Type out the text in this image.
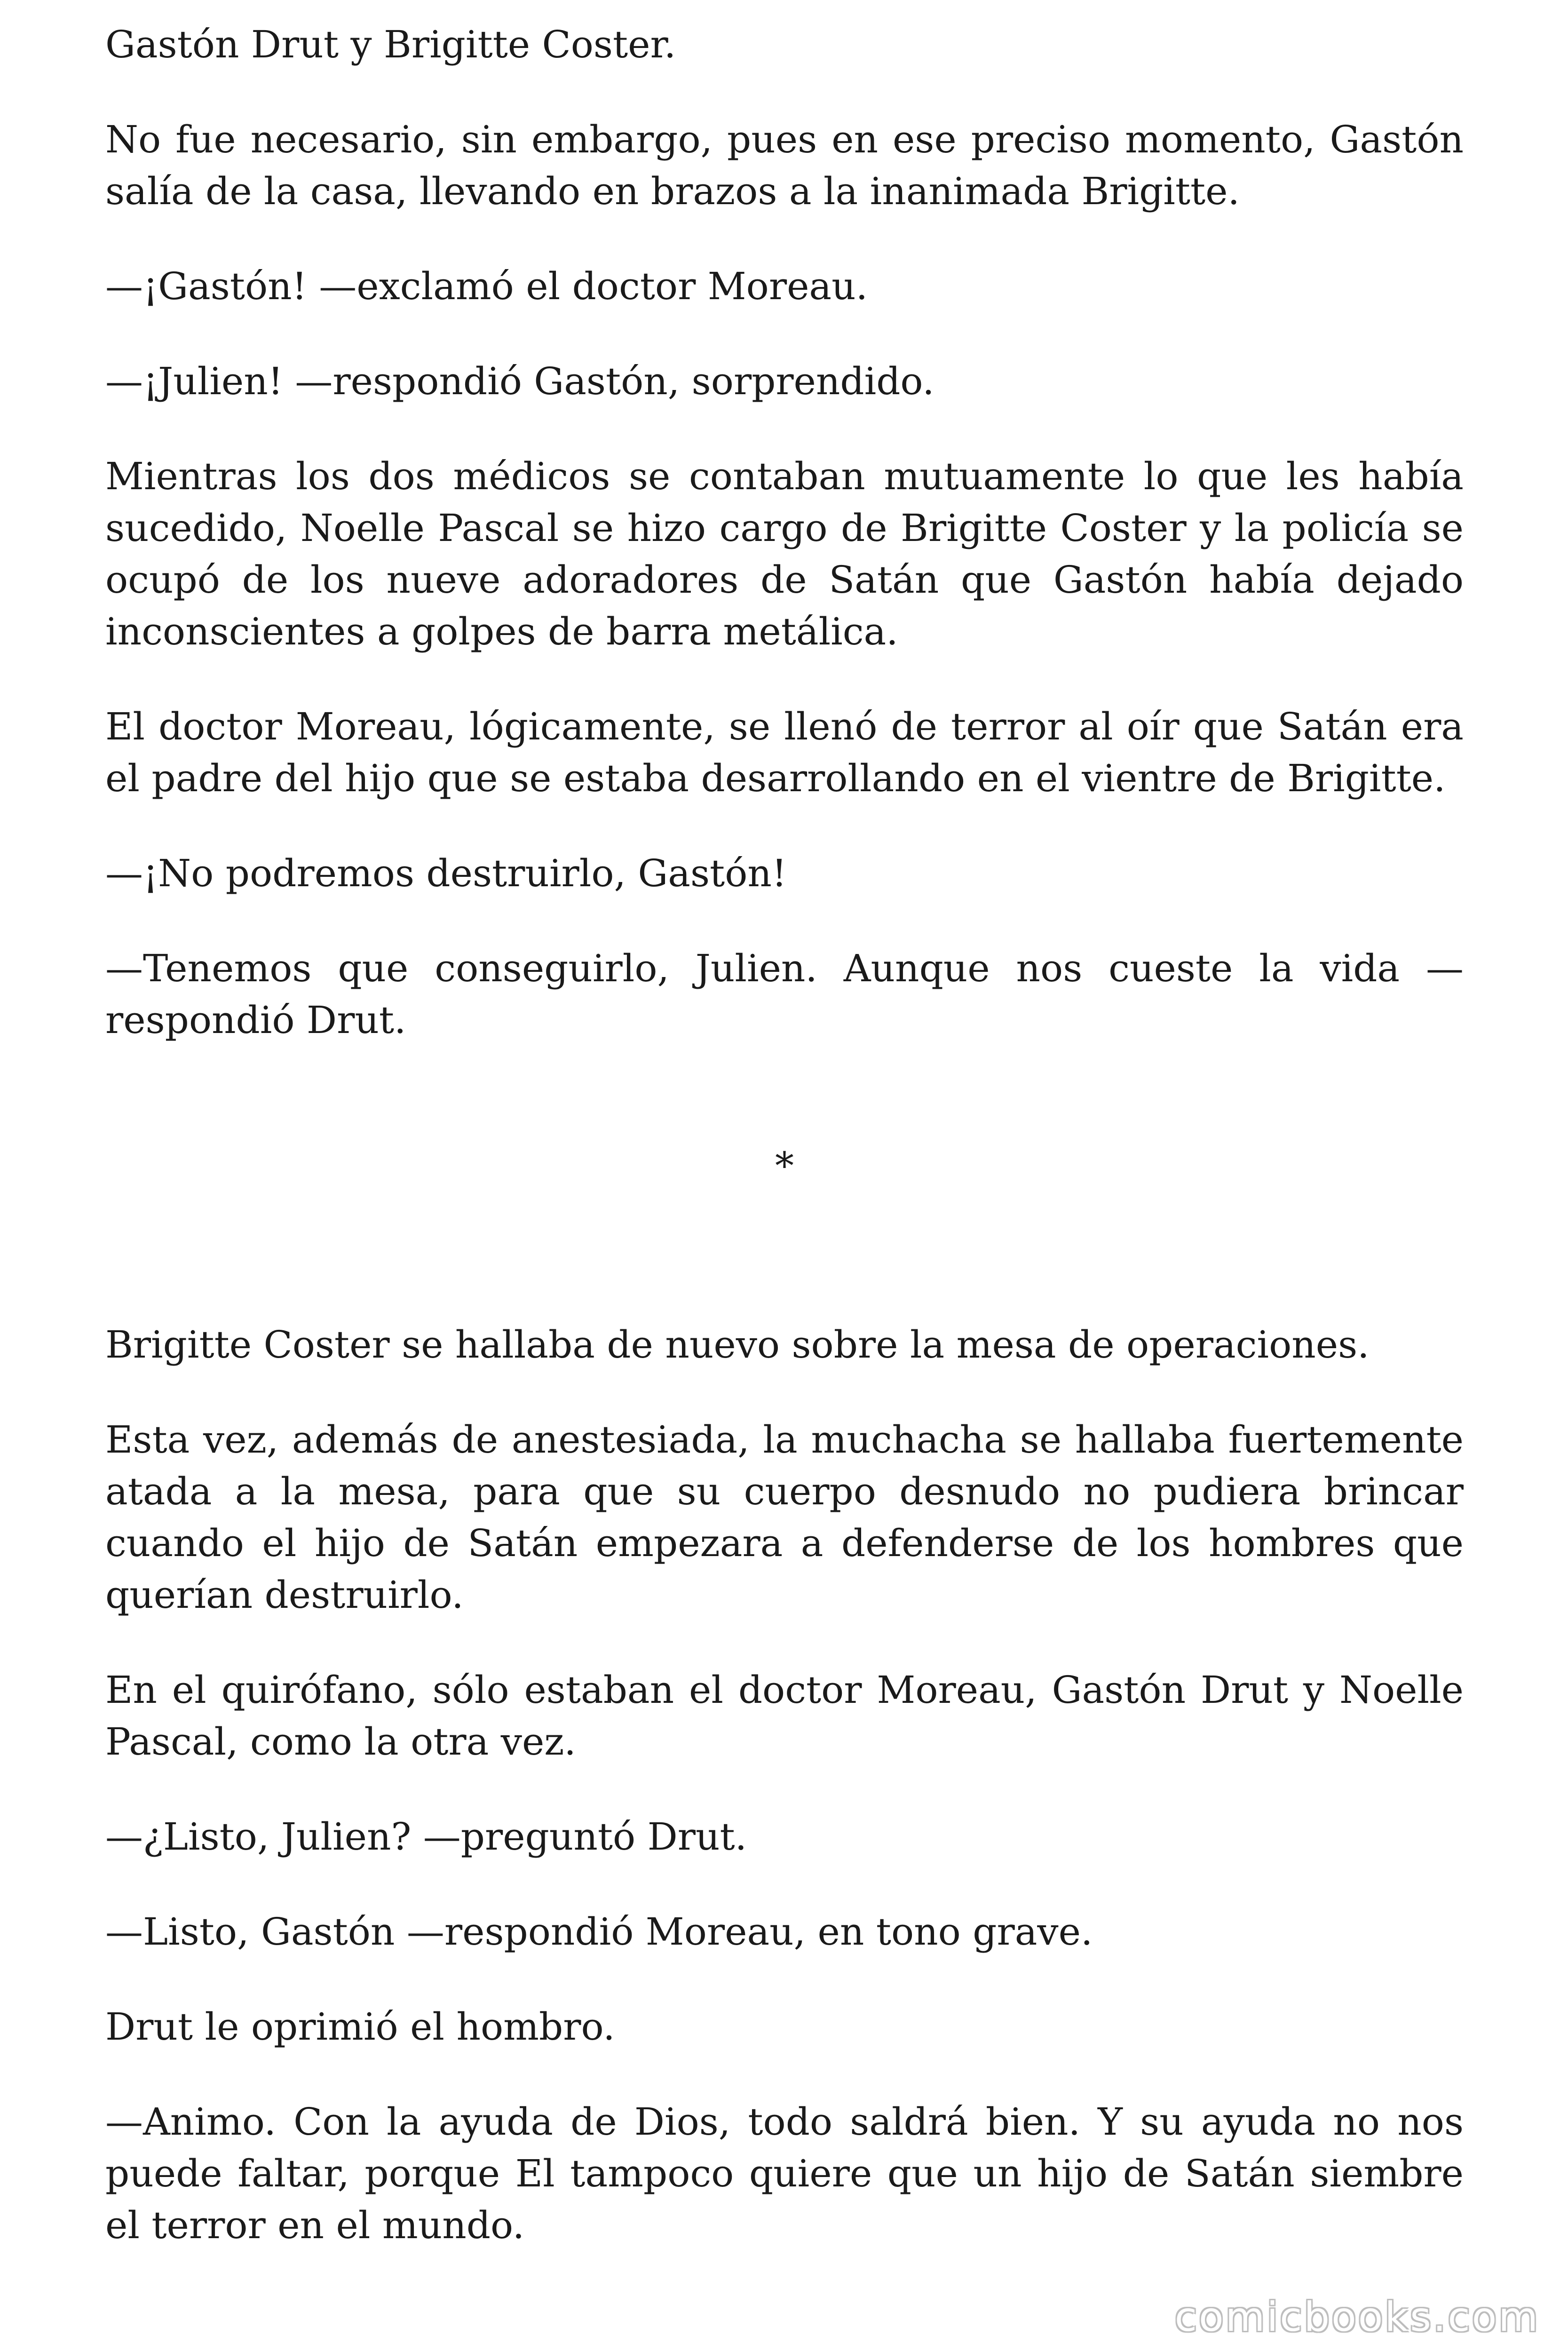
Gastón Drut y Brigitte Coster.

No fue necesario, sin embargo, pues en ese preciso momento, Gastón salía de la casa, llevando en brazos a la inanimada Brigitte.

—¡Gastón! —exclamó el doctor Moreau.

—¡Julien! —respondió Gastón, sorprendido.

Mientras los dos médicos se contaban mutuamente lo que les había sucedido, Noelle Pascal se hizo cargo de Brigitte Coster y la policía se ocupó de los nueve adoradores de Satán que Gastón había dejado inconscientes a golpes de barra metálica.

El doctor Moreau, lógicamente, se llenó de terror al oír que Satán era el padre del hijo que se estaba desarrollando en el vientre de Brigitte.

—¡No podremos destruirlo, Gastón!

—Tenemos que conseguirlo, Julien. Aunque nos cueste la vida —respondió Drut.

*

Brigitte Coster se hallaba de nuevo sobre la mesa de operaciones.

Esta vez, además de anestesiada, la muchacha se hallaba fuertemente atada a la mesa, para que su cuerpo desnudo no pudiera brincar cuando el hijo de Satán empezara a defenderse de los hombres que querían destruirlo.

En el quirófano, sólo estaban el doctor Moreau, Gastón Drut y Noelle Pascal, como la otra vez.

—¿Listo, Julien? —preguntó Drut.

—Listo, Gastón —respondió Moreau, en tono grave.

Drut le oprimió el hombro.

—Animo. Con la ayuda de Dios, todo saldrá bien. Y su ayuda no nos puede faltar, porque El tampoco quiere que un hijo de Satán siembre el terror en el mundo.

comicbooks.com
